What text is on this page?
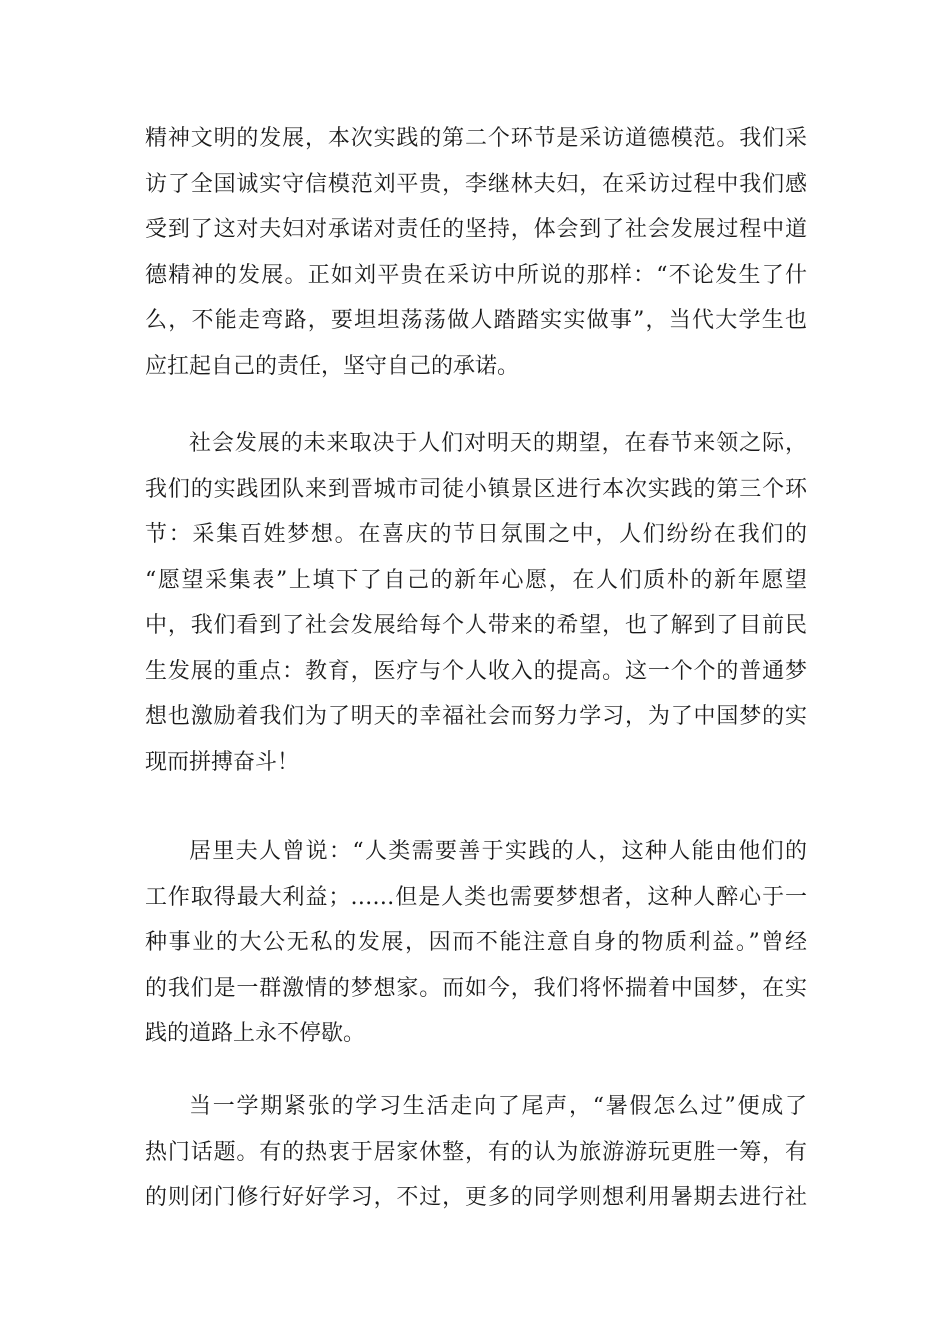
精神文明的发展，本次实践的第二个环节是采访道德模范。我们采
访了全国诚实守信模范刘平贵，李继林夫妇，在采访过程中我们感
受到了这对夫妇对承诺对责任的坚持，体会到了社会发展过程中道
德精神的发展。正如刘平贵在采访中所说的那样：“不论发生了什
么，不能走弯路，要坦坦荡荡做人踏踏实实做事”，当代大学生也
应扛起自己的责任，坚守自己的承诺。
社会发展的未来取决于人们对明天的期望，在春节来领之际，
我们的实践团队来到晋城市司徒小镇景区进行本次实践的第三个环
节：采集百姓梦想。在喜庆的节日氛围之中，人们纷纷在我们的
“愿望采集表”上填下了自己的新年心愿，在人们质朴的新年愿望
中，我们看到了社会发展给每个人带来的希望，也了解到了目前民
生发展的重点：教育，医疗与个人收入的提高。这一个个的普通梦
想也激励着我们为了明天的幸福社会而努力学习，为了中国梦的实
现而拼搏奋斗！
居里夫人曾说：“人类需要善于实践的人，这种人能由他们的
工作取得最大利益；……但是人类也需要梦想者，这种人醉心于一
种事业的大公无私的发展，因而不能注意自身的物质利益。”曾经
的我们是一群激情的梦想家。而如今，我们将怀揣着中国梦，在实
践的道路上永不停歇。
当一学期紧张的学习生活走向了尾声，“暑假怎么过”便成了
热门话题。有的热衷于居家休整，有的认为旅游游玩更胜一筹，有
的则闭门修行好好学习，不过，更多的同学则想利用暑期去进行社
